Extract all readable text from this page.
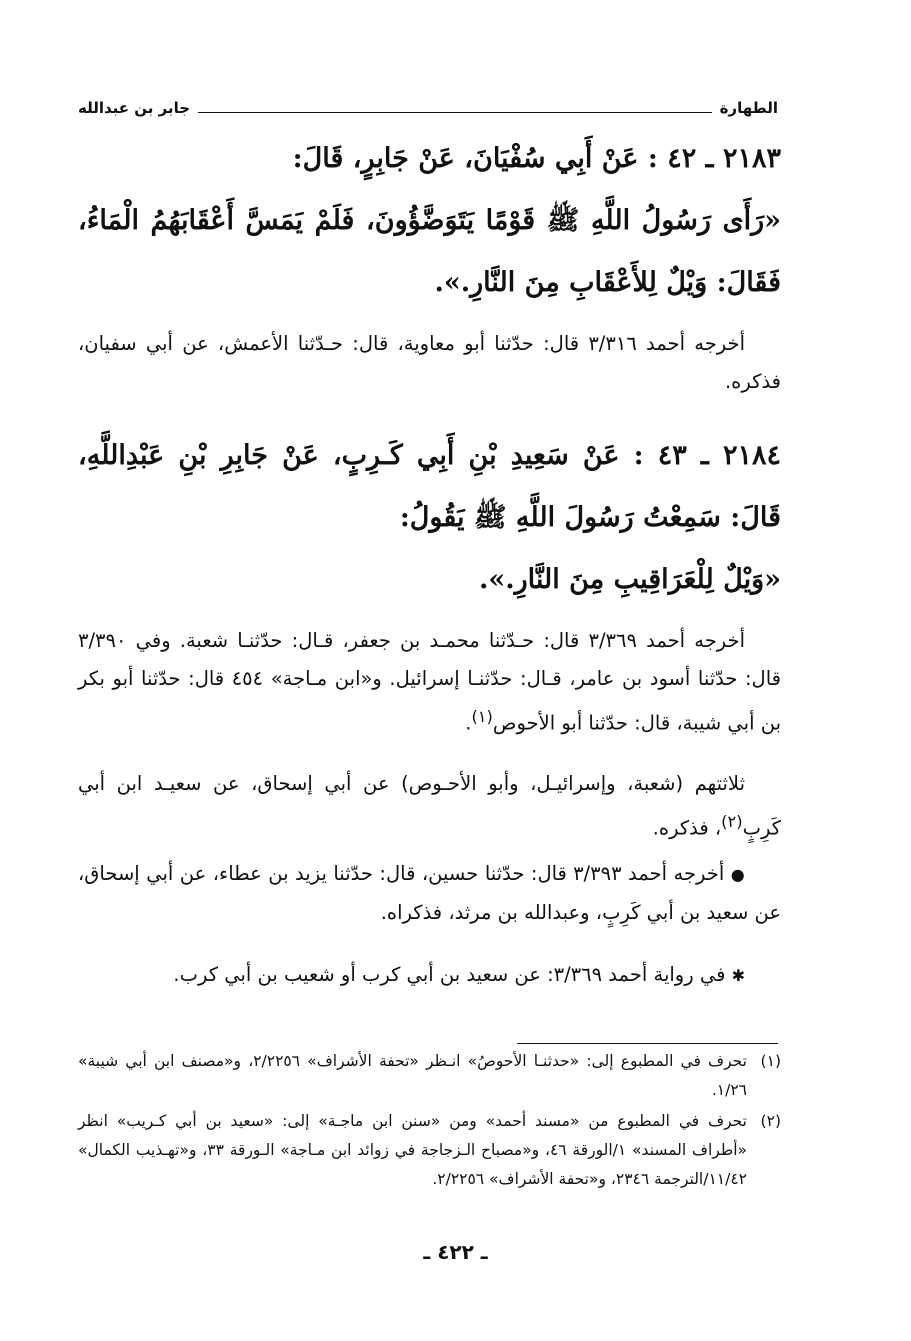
الطهارة
جابر بن عبدالله
٢١٨٣ ـ ٤٢ : عَنْ أَبِي سُفْيَانَ، عَنْ جَابِرٍ، قَالَ:
«رَأَى رَسُولُ اللَّهِ ﷺ قَوْمًا يَتَوَضَّؤُونَ، فَلَمْ يَمَسَّ أَعْقَابَهُمُ الْمَاءُ، فَقَالَ: وَيْلٌ لِلأَعْقَابِ مِنَ النَّارِ.».

أخرجه أحمد ٣/٣١٦ قال: حدّثنا أبو معاوية، قال: حـدّثنا الأعمش، عن أبي سفيان، فذكره.

٢١٨٤ ـ ٤٣ : عَنْ سَعِيدِ بْنِ أَبِي كَـرِبٍ، عَنْ جَابِرِ بْنِ عَبْدِاللَّهِ، قَالَ: سَمِعْتُ رَسُولَ اللَّهِ ﷺ يَقُولُ:
«وَيْلٌ لِلْعَرَاقِيبِ مِنَ النَّارِ.».

أخرجه أحمد ٣/٣٦٩ قال: حـدّثنا محمـد بن جعفر، قـال: حدّثنـا شعبة. وفي ٣/٣٩٠ قال: حدّثنا أسود بن عامر، قـال: حدّثنـا إسرائيل. و«ابن مـاجة» ٤٥٤ قال: حدّثنا أبو بكر بن أبي شيبة، قال: حدّثنا أبو الأحوص$^{(١)}$.

ثلاثتهم (شعبة، وإسرائيـل، وأبو الأحـوص) عن أبي إسحاق، عن سعيـد ابن أبي كَرِبٍ$^{(٢)}$، فذكره.

● أخرجه أحمد ٣/٣٩٣ قال: حدّثنا حسين، قال: حدّثنا يزيد بن عطاء، عن أبي إسحاق، عن سعيد بن أبي كَرِبٍ، وعبدالله بن مرثد، فذكراه.

✱ في رواية أحمد ٣/٣٦٩: عن سعيد بن أبي كرب أو شعيب بن أبي كرب.

(١)
تحرف في المطبوع إلى: «حدثنـا الأحوصُ» انـظر «تحفة الأشراف» ٢/٢٢٥٦، و«مصنف ابن أبي شيبة» ١/٢٦.
(٢)
تحرف في المطبوع من «مسند أحمد» ومن «سنن ابن ماجـة» إلى: «سعيد بن أبي كـريب» انظر «أطراف المسند» ١/الورقة ٤٦، و«مصباح الـزجاجة في زوائد ابن مـاجة» الـورقة ٣٣، و«تهـذيب الكمال» ١١/٤٢/الترجمة ٢٣٤٦، و«تحفة الأشراف» ٢/٢٢٥٦.
ـ ٤٢٢ ـ
